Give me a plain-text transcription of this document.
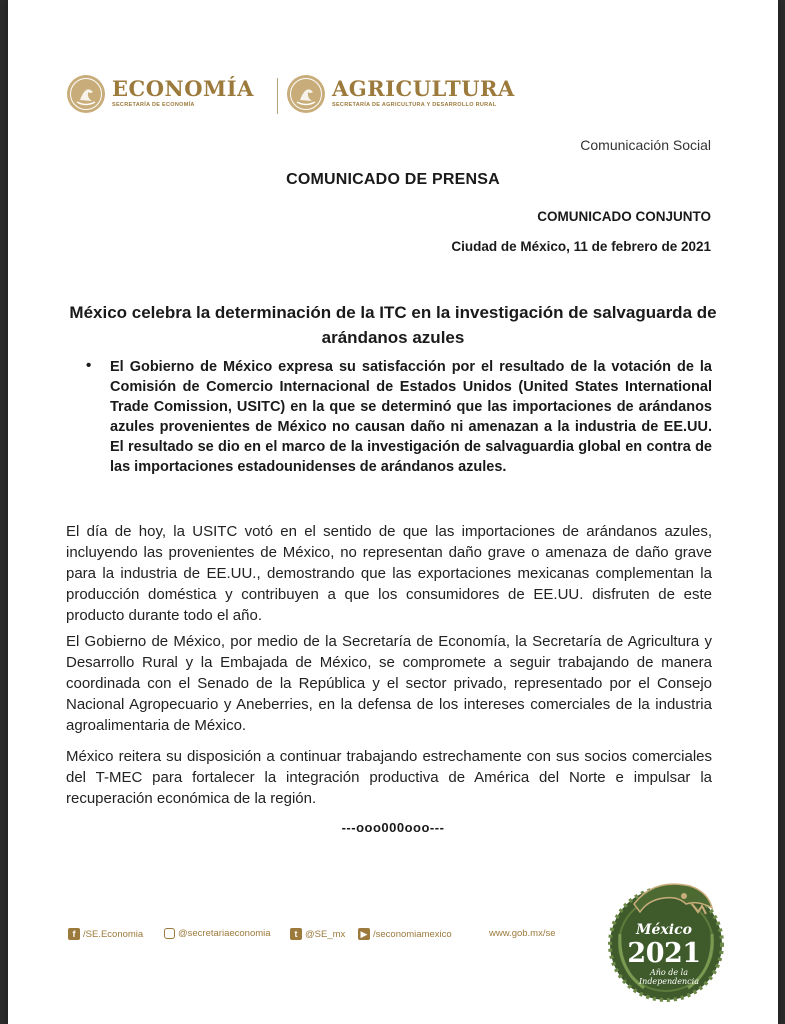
ECONOMÍA
SECRETARÍA DE ECONOMÍA
AGRICULTURA
SECRETARÍA DE AGRICULTURA Y DESARROLLO RURAL
Comunicación Social
COMUNICADO DE PRENSA
COMUNICADO CONJUNTO
Ciudad de México, 11 de febrero de 2021
México celebra la determinación de la ITC en la investigación de salvaguarda de arándanos azules
• El Gobierno de México expresa su satisfacción por el resultado de la votación de la Comisión de Comercio Internacional de Estados Unidos (United States International Trade Comission, USITC) en la que se determinó que las importaciones de arándanos azules provenientes de México no causan daño ni amenazan a la industria de EE.UU. El resultado se dio en el marco de la investigación de salvaguardia global en contra de las importaciones estadounidenses de arándanos azules.
El día de hoy, la USITC votó en el sentido de que las importaciones de arándanos azules, incluyendo las provenientes de México, no representan daño grave o amenaza de daño grave para la industria de EE.UU., demostrando que las exportaciones mexicanas complementan la producción doméstica y contribuyen a que los consumidores de EE.UU. disfruten de este producto durante todo el año.
El Gobierno de México, por medio de la Secretaría de Economía, la Secretaría de Agricultura y Desarrollo Rural y la Embajada de México, se compromete a seguir trabajando de manera coordinada con el Senado de la República y el sector privado, representado por el Consejo Nacional Agropecuario y Aneberries, en la defensa de los intereses comerciales de la industria agroalimentaria de México.
México reitera su disposición a continuar trabajando estrechamente con sus socios comerciales del T-MEC para fortalecer la integración productiva de América del Norte e impulsar la recuperación económica de la región.
---ooo000ooo---
f /SE.Economia	@secretariaeconomia	t @SE_mx ▶ /seconomiamexico	www.gob.mx/se	México
2021
Año de la
Independencia
